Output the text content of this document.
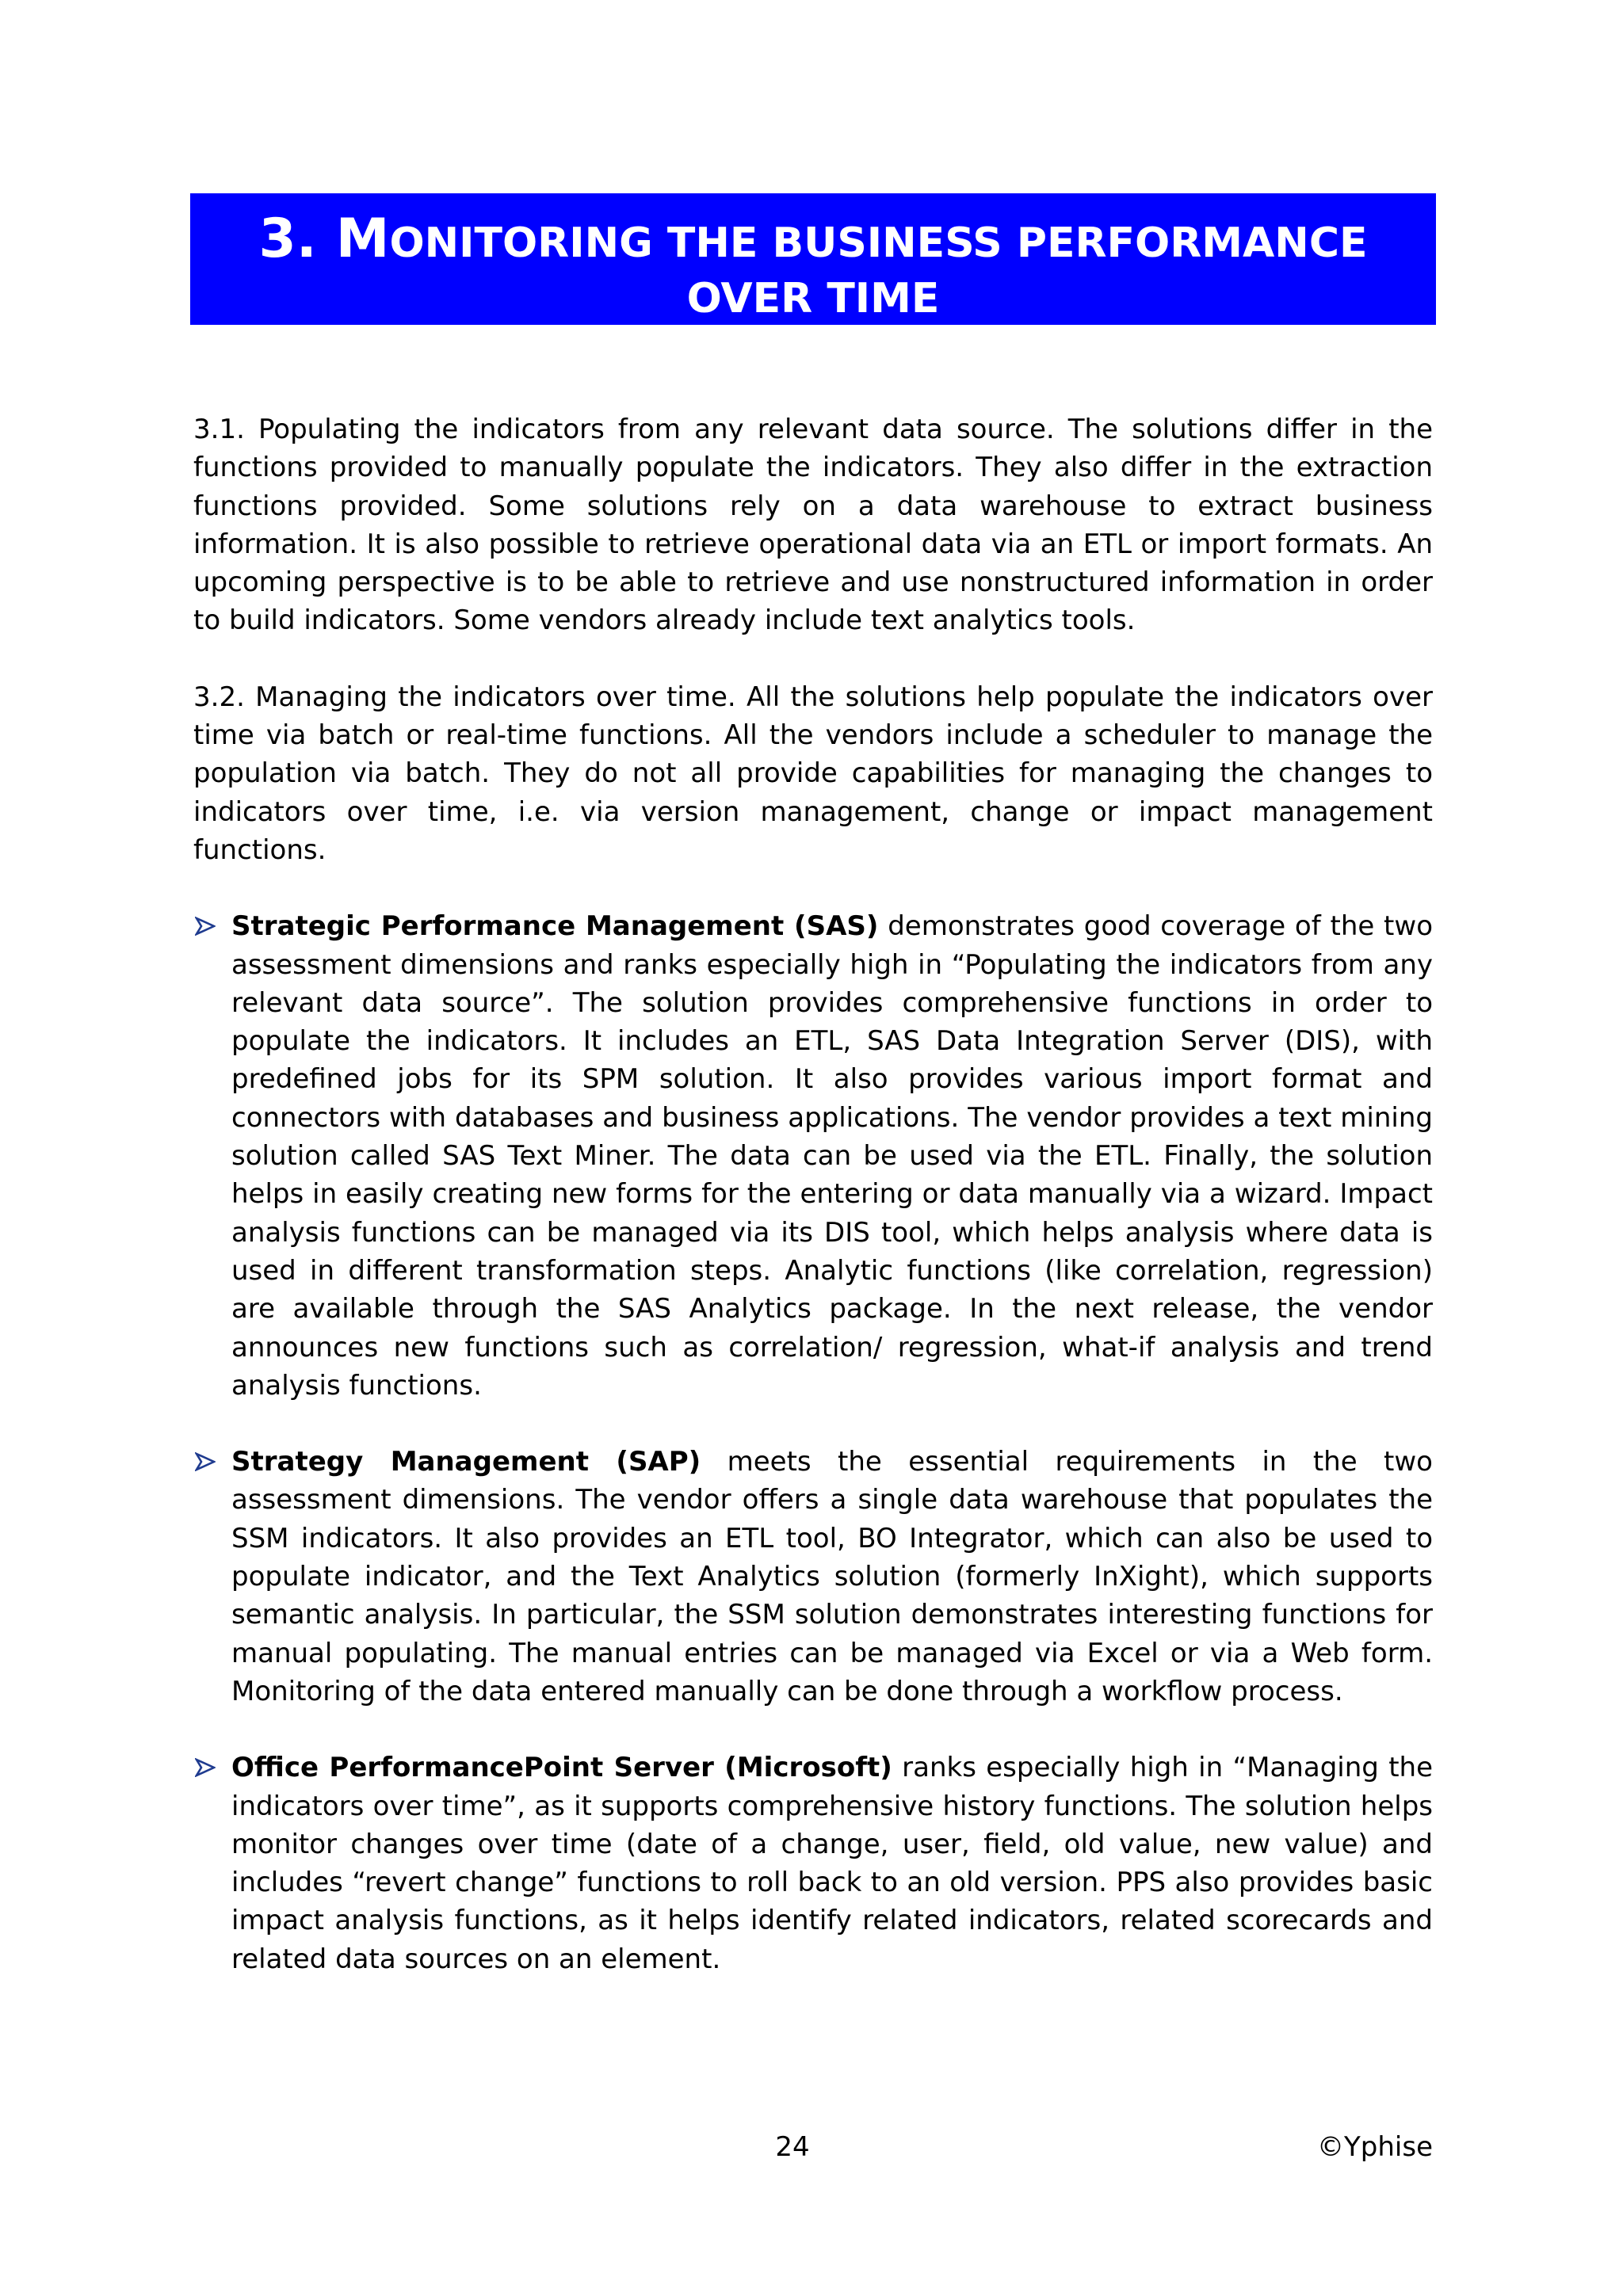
3. MONITORING THE BUSINESS PERFORMANCE
OVER TIME

3.1. Populating the indicators from any relevant data source. The solutions differ in the functions provided to manually populate the indicators. They also differ in the extraction functions provided. Some solutions rely on a data warehouse to extract business information. It is also possible to retrieve operational data via an ETL or import formats. An upcoming perspective is to be able to retrieve and use nonstructured information in order to build indicators. Some vendors already include text analytics tools.

3.2. Managing the indicators over time. All the solutions help populate the indicators over time via batch or real-time functions. All the vendors include a scheduler to manage the population via batch. They do not all provide capabilities for managing the changes to indicators over time, i.e. via version management, change or impact management functions.

Strategic Performance Management (SAS) demonstrates good coverage of the two assessment dimensions and ranks especially high in “Populating the indicators from any relevant data source”. The solution provides comprehensive functions in order to populate the indicators. It includes an ETL, SAS Data Integration Server (DIS), with predefined jobs for its SPM solution. It also provides various import format and connectors with databases and business applications. The vendor provides a text mining solution called SAS Text Miner. The data can be used via the ETL. Finally, the solution helps in easily creating new forms for the entering or data manually via a wizard. Impact analysis functions can be managed via its DIS tool, which helps analysis where data is used in different transformation steps. Analytic functions (like correlation, regression) are available through the SAS Analytics package. In the next release, the vendor announces new functions such as correlation/ regression, what-if analysis and trend analysis functions.
Strategy Management (SAP) meets the essential requirements in the two assessment dimensions. The vendor offers a single data warehouse that populates the SSM indicators. It also provides an ETL tool, BO Integrator, which can also be used to populate indicator, and the Text Analytics solution (formerly InXight), which supports semantic analysis. In particular, the SSM solution demonstrates interesting functions for manual populating. The manual entries can be managed via Excel or via a Web form. Monitoring of the data entered manually can be done through a workflow process.
Office PerformancePoint Server (Microsoft) ranks especially high in “Managing the indicators over time”, as it supports comprehensive history functions. The solution helps monitor changes over time (date of a change, user, field, old value, new value) and includes “revert change” functions to roll back to an old version. PPS also provides basic impact analysis functions, as it helps identify related indicators, related scorecards and related data sources on an element.
24	©Yphise
